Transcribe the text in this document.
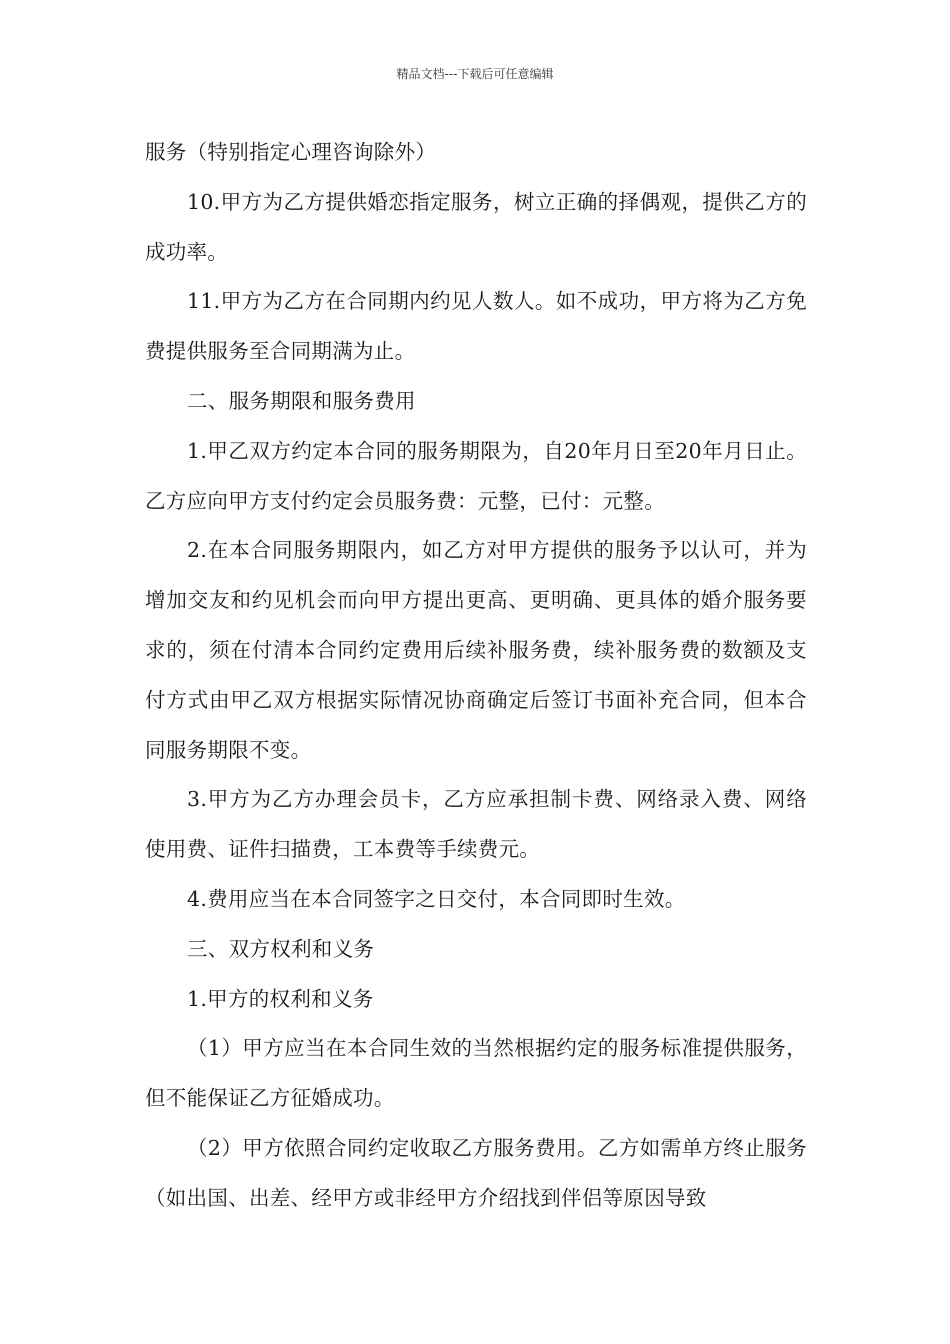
精品文档---下载后可任意编辑

服务（特别指定心理咨询除外）

10.甲方为乙方提供婚恋指定服务，树立正确的择偶观，提供乙方的成功率。

11.甲方为乙方在合同期内约见人数人。如不成功，甲方将为乙方免费提供服务至合同期满为止。

二、服务期限和服务费用

1.甲乙双方约定本合同的服务期限为，自20年月日至20年月日止。乙方应向甲方支付约定会员服务费：元整，已付：元整。

2.在本合同服务期限内，如乙方对甲方提供的服务予以认可，并为增加交友和约见机会而向甲方提出更高、更明确、更具体的婚介服务要求的，须在付清本合同约定费用后续补服务费，续补服务费的数额及支付方式由甲乙双方根据实际情况协商确定后签订书面补充合同，但本合同服务期限不变。

3.甲方为乙方办理会员卡，乙方应承担制卡费、网络录入费、网络使用费、证件扫描费，工本费等手续费元。

4.费用应当在本合同签字之日交付，本合同即时生效。

三、双方权利和义务

1.甲方的权利和义务

（1）甲方应当在本合同生效的当然根据约定的服务标准提供服务，但不能保证乙方征婚成功。

（2）甲方依照合同约定收取乙方服务费用。乙方如需单方终止服务（如出国、出差、经甲方或非经甲方介绍找到伴侣等原因导致
